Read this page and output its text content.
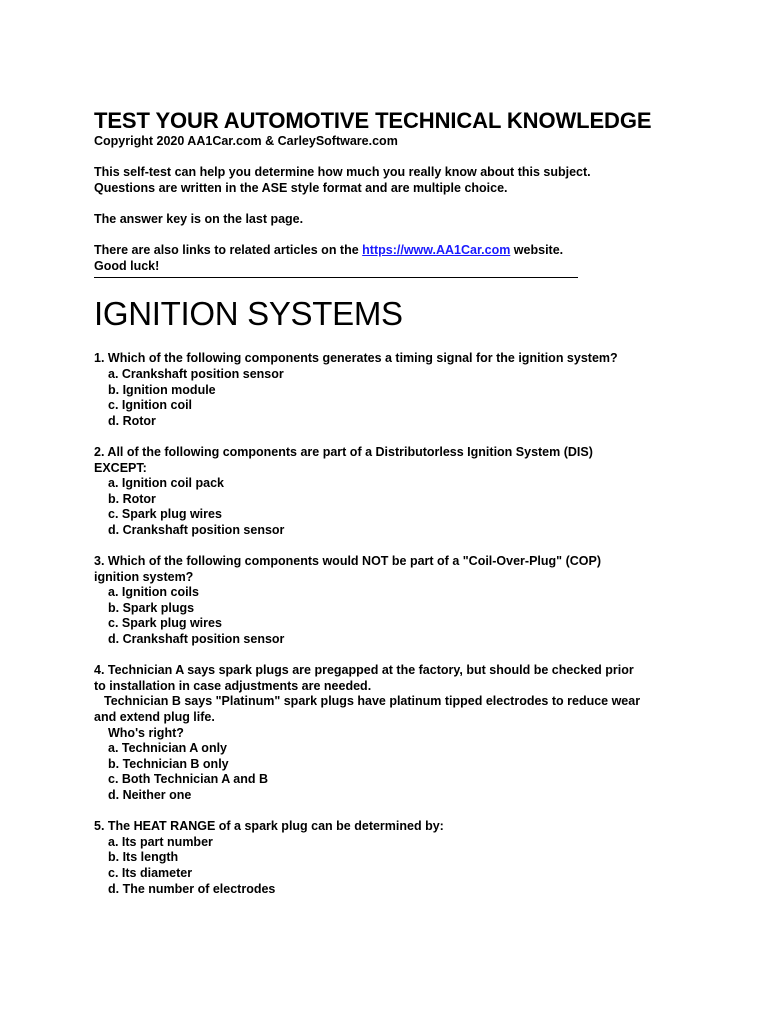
TEST YOUR AUTOMOTIVE TECHNICAL KNOWLEDGE

Copyright 2020 AA1Car.com & CarleySoftware.com

This self-test can help you determine how much you really know about this subject.

Questions are written in the ASE style format and are multiple choice.

The answer key is on the last page.

There are also links to related articles on the https://www.AA1Car.com website.

Good luck!

IGNITION SYSTEMS

1. Which of the following components generates a timing signal for the ignition system?

a. Crankshaft position sensor

b. Ignition module

c. Ignition coil

d. Rotor

2. All of the following components are part of a Distributorless Ignition System (DIS)

EXCEPT:

a. Ignition coil pack

b. Rotor

c. Spark plug wires

d. Crankshaft position sensor

3. Which of the following components would NOT be part of a "Coil-Over-Plug" (COP)

ignition system?

a. Ignition coils

b. Spark plugs

c. Spark plug wires

d. Crankshaft position sensor

4. Technician A says spark plugs are pregapped at the factory, but should be checked prior

to installation in case adjustments are needed.

Technician B says "Platinum" spark plugs have platinum tipped electrodes to reduce wear

and extend plug life.

Who's right?

a. Technician A only

b. Technician B only

c. Both Technician A and B

d. Neither one

5. The HEAT RANGE of a spark plug can be determined by:

a. Its part number

b. Its length

c. Its diameter

d. The number of electrodes
